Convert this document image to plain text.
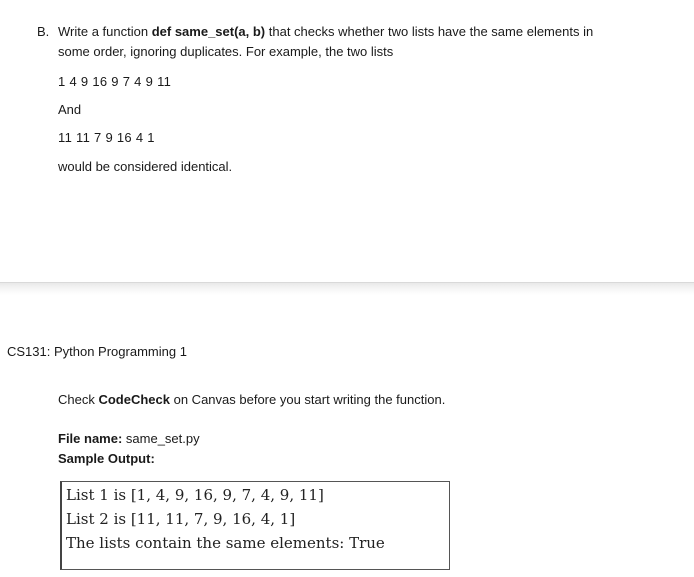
B. Write a function def same_set(a, b) that checks whether two lists have the same elements in
some order, ignoring duplicates. For example, the two lists
1 4 9 16 9 7 4 9 11
And
11 11 7 9 16 4 1
would be considered identical.
CS131: Python Programming 1
Check CodeCheck on Canvas before you start writing the function.
File name: same_set.py
Sample Output:
List 1 is [1, 4, 9, 16, 9, 7, 4, 9, 11]
List 2 is [11, 11, 7, 9, 16, 4, 1]
The lists contain the same elements: True
